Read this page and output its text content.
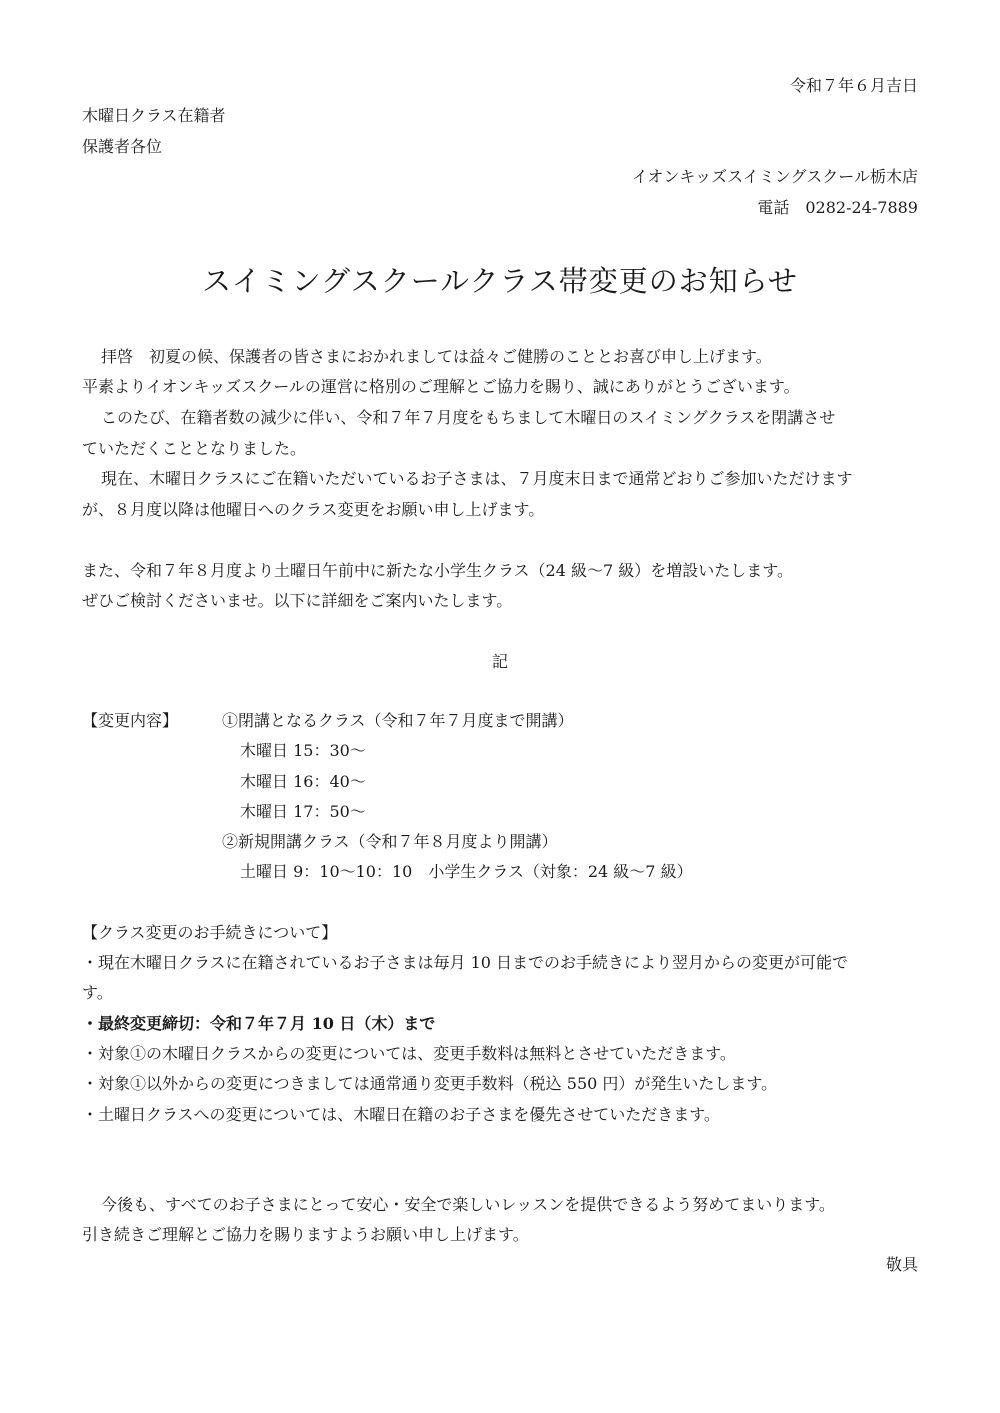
令和７年６月吉日
木曜日クラス在籍者
保護者各位
イオンキッズスイミングスクール栃木店
電話　0282-24-7889
スイミングスクールクラス帯変更のお知らせ
拝啓　初夏の候、保護者の皆さまにおかれましては益々ご健勝のこととお喜び申し上げます。
平素よりイオンキッズスクールの運営に格別のご理解とご協力を賜り、誠にありがとうございます。
このたび、在籍者数の減少に伴い、令和７年７月度をもちまして木曜日のスイミングクラスを閉講させ
ていただくこととなりました。
現在、木曜日クラスにご在籍いただいているお子さまは、７月度末日まで通常どおりご参加いただけます
が、８月度以降は他曜日へのクラス変更をお願い申し上げます。
また、令和７年８月度より土曜日午前中に新たな小学生クラス（24 級～7 級）を増設いたします。
ぜひご検討くださいませ。以下に詳細をご案内いたします。
記
【変更内容】	①閉講となるクラス（令和７年７月度まで開講）
木曜日 15：30～
木曜日 16：40～
木曜日 17：50～
②新規開講クラス（令和７年８月度より開講）
土曜日 9：10～10：10　小学生クラス（対象：24 級～7 級）
【クラス変更のお手続きについて】
・現在木曜日クラスに在籍されているお子さまは毎月 10 日までのお手続きにより翌月からの変更が可能で
す。
・最終変更締切：令和７年７月 10 日（木）まで
・対象①の木曜日クラスからの変更については、変更手数料は無料とさせていただきます。
・対象①以外からの変更につきましては通常通り変更手数料（税込 550 円）が発生いたします。
・土曜日クラスへの変更については、木曜日在籍のお子さまを優先させていただきます。
今後も、すべてのお子さまにとって安心・安全で楽しいレッスンを提供できるよう努めてまいります。
引き続きご理解とご協力を賜りますようお願い申し上げます。
敬具
